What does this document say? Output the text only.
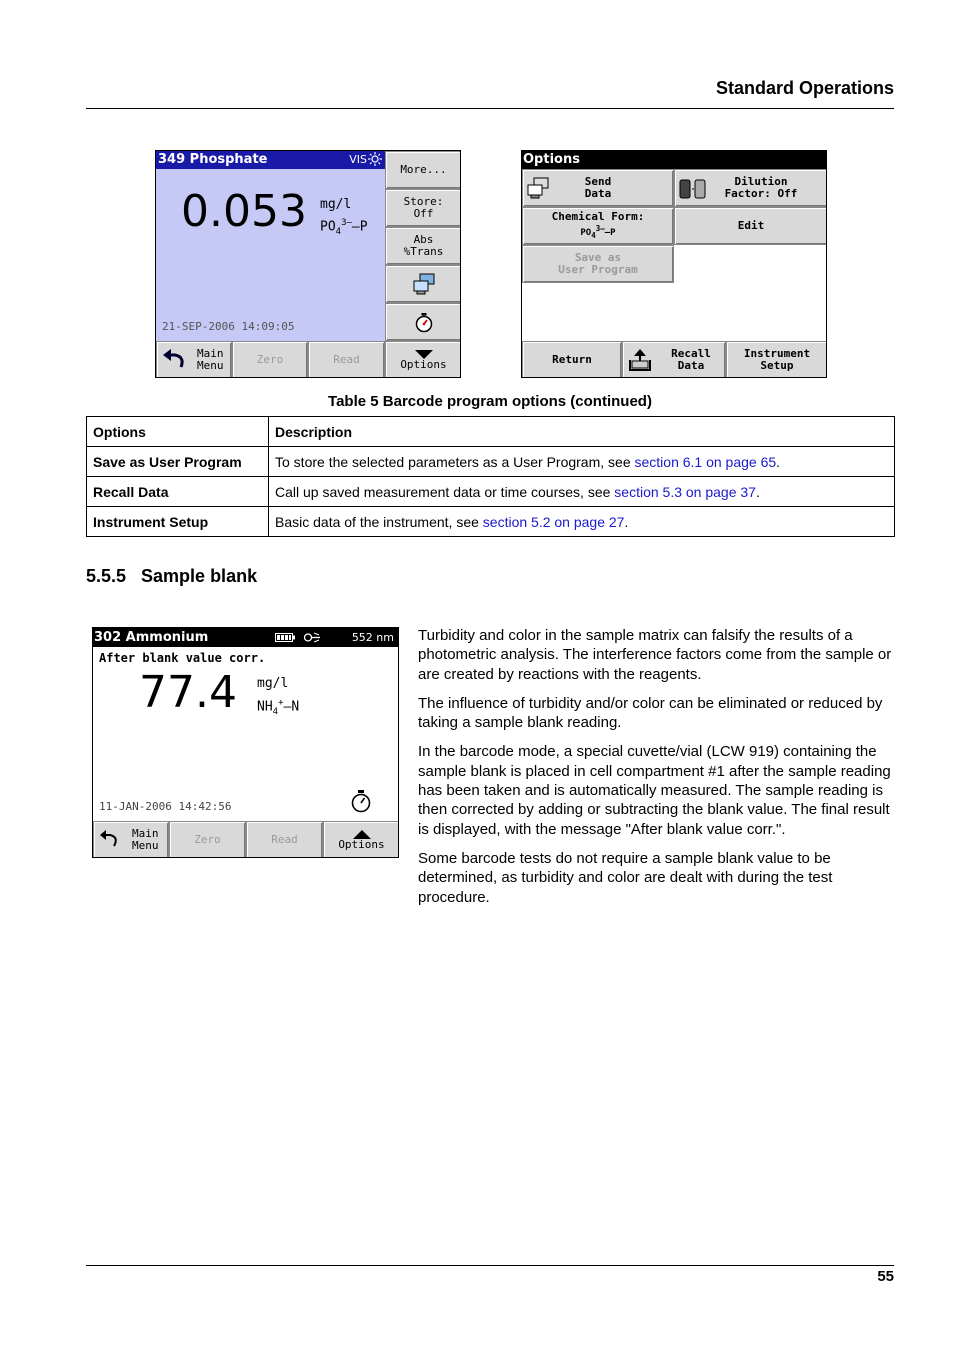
Standard Operations
349 Phosphate	VIS
0.053 mg/l
$PO_4^{3-}-P$
21-SEP-2006 14:09:05
More...
Store:
Off
Abs
%Trans
Main
Menu	Zero	Read	Options
Options
Send
Data
Dilution
Factor: Off
Chemical Form:
$PO_4^{3-}-P$
Edit
Save as
User Program
Return	Recall
Data
Instrument
Setup
Table 5 Barcode program options (continued)
Options	Description
Save as User Program	To store the selected parameters as a User Program, see section 6.1 on page 65.
Recall Data	Call up saved measurement data or time courses, see section 5.3 on page 37.
Instrument Setup	Basic data of the instrument, see section 5.2 on page 27.
5.5.5   Sample blank
302 Ammonium	552 nm
After blank value corr.
77.4 mg/l
$NH_4^+-N$
11-JAN-2006 14:42:56
Main
Menu	Zero	Read	Options

Turbidity and color in the sample matrix can falsify the results of a photometric analysis. The interference factors come from the sample or are created by reactions with the reagents.

The influence of turbidity and/or color can be eliminated or reduced by taking a sample blank reading.

In the barcode mode, a special cuvette/vial (LCW 919) containing the sample blank is placed in cell compartment #1 after the sample reading has been taken and is automatically measured. The sample reading is then corrected by adding or subtracting the blank value. The final result is displayed, with the message "After blank value corr.".

Some barcode tests do not require a sample blank value to be determined, as turbidity and color are dealt with during the test procedure.

55
